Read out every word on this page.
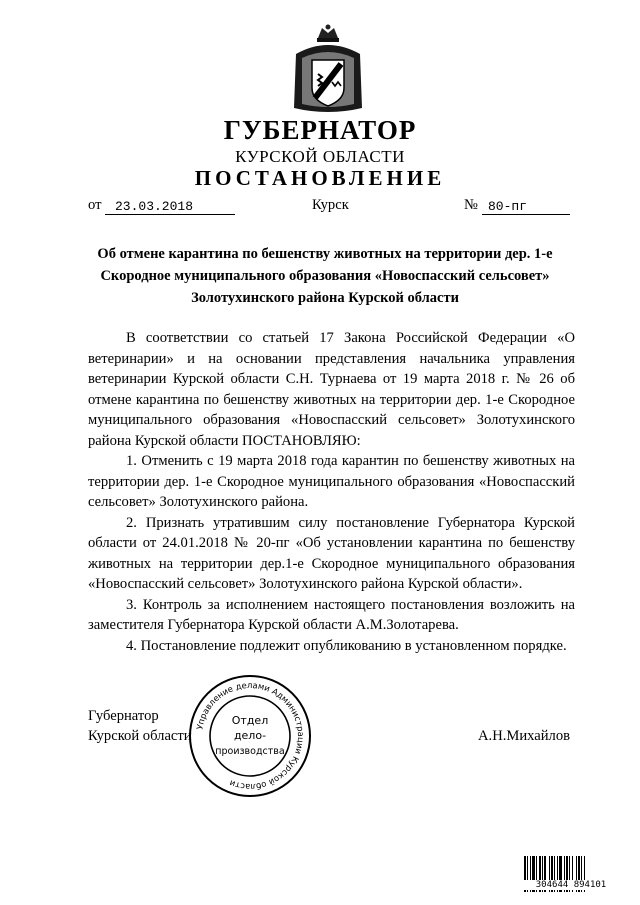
ГУБЕРНАТОР
КУРСКОЙ ОБЛАСТИ
ПОСТАНОВЛЕНИЕ
от 23.03.2018	Курск	№ 80-пг
Об отмене карантина по бешенству животных на территории дер. 1-е Скородное муниципального образования «Новоспасский сельсовет» Золотухинского района Курской области

В соответствии со статьей 17 Закона Российской Федерации «О ветеринарии» и на основании представления начальника управления ветеринарии Курской области С.Н. Турнаева от 19 марта 2018 г. № 26 об отмене карантина по бешенству животных на территории дер. 1-е Скородное муниципального образования «Новоспасский сельсовет» Золотухинского района Курской области ПОСТАНОВЛЯЮ:

1. Отменить с 19 марта 2018 года карантин по бешенству животных на территории дер. 1-е Скородное муниципального образования «Новоспасский сельсовет» Золотухинского района.

2. Признать утратившим силу постановление Губернатора Курской области от 24.01.2018 № 20-пг «Об установлении карантина по бешенству животных на территории дер.1-е Скородное муниципального образования «Новоспасский сельсовет» Золотухинского района Курской области».

3. Контроль за исполнением настоящего постановления возложить на заместителя Губернатора Курской области А.М.Золотарева.

4. Постановление подлежит опубликованию в установленном порядке.

Губернатор
Курской области	А.Н.Михайлов
Управление делами Администрации Курской области
Отдел
дело-
производства
304644 894101
